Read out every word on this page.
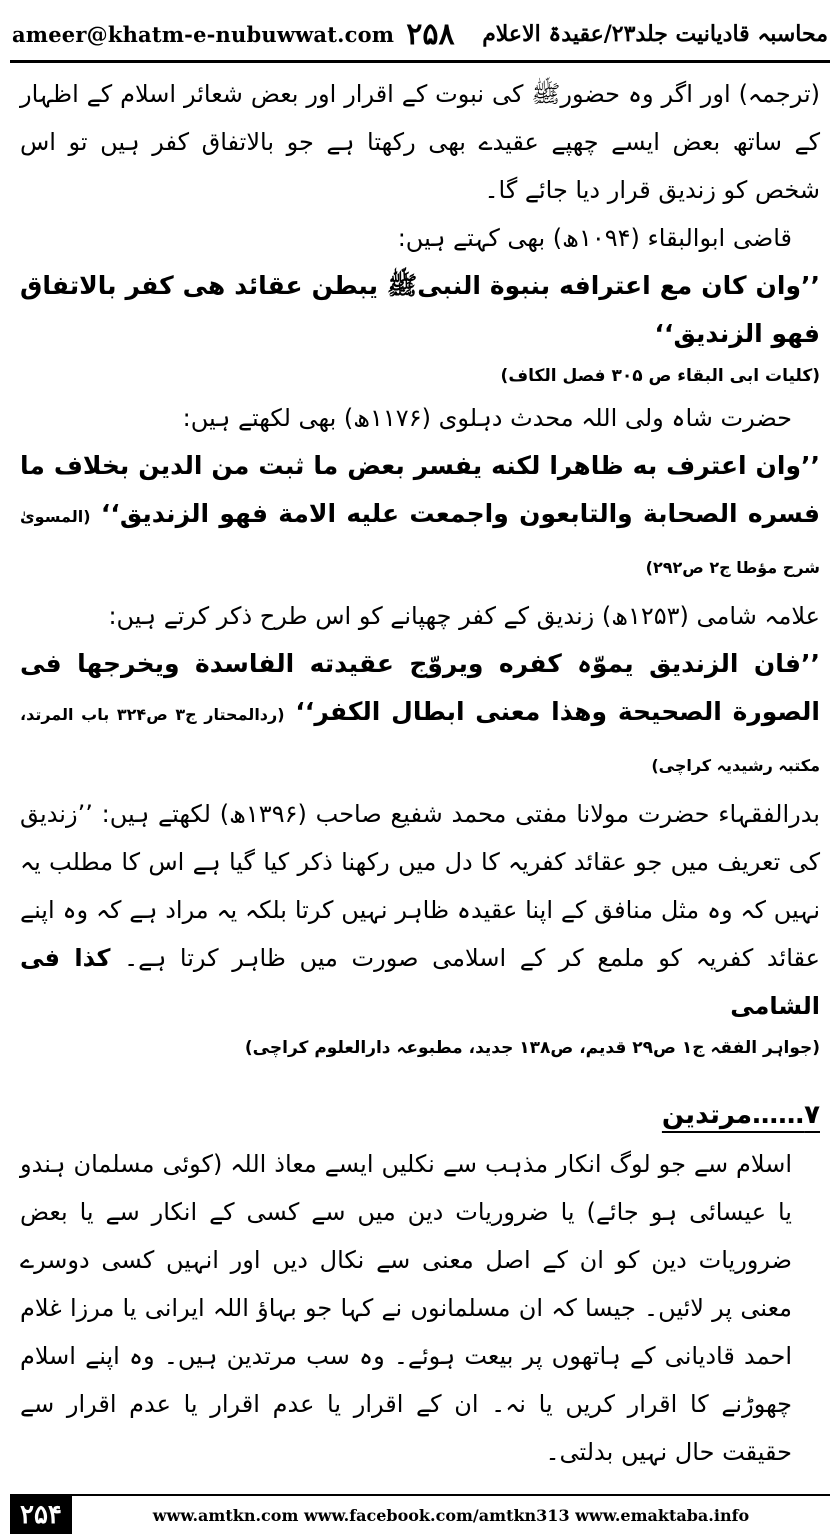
ameer@khatm-e-nubuwwat.com ۲۵۸ محاسبہ قادیانیت جلد۲۳/عقیدۃ الاعلام

(ترجمہ) اور اگر وہ حضورﷺ کی نبوت کے اقرار اور بعض شعائر اسلام کے اظہار کے ساتھ بعض ایسے چھپے عقیدے بھی رکھتا ہے جو بالاتفاق کفر ہیں تو اس شخص کو زندیق قرار دیا جائے گا۔

قاضی ابوالبقاء (۱۰۹۴ھ) بھی کہتے ہیں:

’’وان کان مع اعترافه بنبوة النبیﷺ یبطن عقائد هی کفر بالاتفاق فهو الزندیق‘‘

(کلیات ابی البقاء ص ۳۰۵ فصل الکاف)

حضرت شاہ ولی اللہ محدث دہلوی (۱۱۷۶ھ) بھی لکھتے ہیں:

’’وان اعترف به ظاهرا لکنه یفسر بعض ما ثبت من الدین بخلاف ما فسره الصحابة والتابعون واجمعت علیه الامة فهو الزندیق‘‘ (المسویٰ شرح مؤطا ج۲ ص۲۹۲)

علامہ شامی (۱۲۵۳ھ) زندیق کے کفر چھپانے کو اس طرح ذکر کرتے ہیں:

’’فان الزندیق یموّہ کفره ویروّج عقیدته الفاسدة ویخرجها فی الصورة الصحیحة وهذا معنی ابطال الکفر‘‘ (ردالمحتار ج۳ ص۳۲۴ باب المرتد، مکتبہ رشیدیہ کراچی)

بدرالفقہاء حضرت مولانا مفتی محمد شفیع صاحب (۱۳۹۶ھ) لکھتے ہیں: ’’زندیق کی تعریف میں جو عقائد کفریہ کا دل میں رکھنا ذکر کیا گیا ہے اس کا مطلب یہ نہیں کہ وہ مثل منافق کے اپنا عقیدہ ظاہر نہیں کرتا بلکہ یہ مراد ہے کہ وہ اپنے عقائد کفریہ کو ملمع کر کے اسلامی صورت میں ظاہر کرتا ہے۔ کذا فی الشامی

(جواہر الفقہ ج۱ ص۲۹ قدیم، ص۱۳۸ جدید، مطبوعہ دارالعلوم کراچی)

۷……مرتدین

اسلام سے جو لوگ انکار مذہب سے نکلیں ایسے معاذ اللہ (کوئی مسلمان ہندو یا عیسائی ہو جائے) یا ضروریات دین میں سے کسی کے انکار سے یا بعض ضروریات دین کو ان کے اصل معنی سے نکال دیں اور انہیں کسی دوسرے معنی پر لائیں۔ جیسا کہ ان مسلمانوں نے کہا جو بہاؤ اللہ ایرانی یا مرزا غلام احمد قادیانی کے ہاتھوں پر بیعت ہوئے۔ وہ سب مرتدین ہیں۔ وہ اپنے اسلام چھوڑنے کا اقرار کریں یا نہ۔ ان کے اقرار یا عدم اقرار یا عدم اقرار سے حقیقت حال نہیں بدلتی۔

۲۵۴	www.amtkn.com www.facebook.com/amtkn313 www.emaktaba.info
